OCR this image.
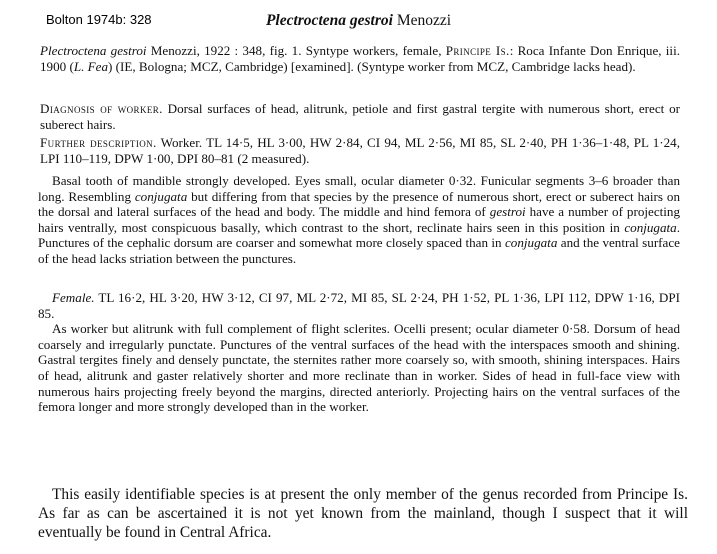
Bolton 1974b: 328	Plectroctena gestroi Menozzi

Plectroctena gestroi Menozzi, 1922 : 348, fig. 1. Syntype workers, female, Principe Is.: Roca Infante Don Enrique, iii. 1900 (L. Fea) (IE, Bologna; MCZ, Cambridge) [examined]. (Syntype worker from MCZ, Cambridge lacks head).

Diagnosis of worker. Dorsal surfaces of head, alitrunk, petiole and first gastral tergite with numerous short, erect or suberect hairs.

Further description. Worker. TL 14·5, HL 3·00, HW 2·84, CI 94, ML 2·56, MI 85, SL 2·40, PH 1·36–1·48, PL 1·24, LPI 110–119, DPW 1·00, DPI 80–81 (2 measured).

Basal tooth of mandible strongly developed. Eyes small, ocular diameter 0·32. Funicular segments 3–6 broader than long. Resembling conjugata but differing from that species by the presence of numerous short, erect or suberect hairs on the dorsal and lateral surfaces of the head and body. The middle and hind femora of gestroi have a number of projecting hairs ventrally, most conspicuous basally, which contrast to the short, reclinate hairs seen in this position in conjugata. Punctures of the cephalic dorsum are coarser and somewhat more closely spaced than in conjugata and the ventral surface of the head lacks striation between the punctures.

Female. TL 16·2, HL 3·20, HW 3·12, CI 97, ML 2·72, MI 85, SL 2·24, PH 1·52, PL 1·36, LPI 112, DPW 1·16, DPI 85.
As worker but alitrunk with full complement of flight sclerites. Ocelli present; ocular diameter 0·58. Dorsum of head coarsely and irregularly punctate. Punctures of the ventral surfaces of the head with the interspaces smooth and shining. Gastral tergites finely and densely punctate, the sternites rather more coarsely so, with smooth, shining interspaces. Hairs of head, alitrunk and gaster relatively shorter and more reclinate than in worker. Sides of head in full-face view with numerous hairs projecting freely beyond the margins, directed anteriorly. Projecting hairs on the ventral surfaces of the femora longer and more strongly developed than in the worker.

This easily identifiable species is at present the only member of the genus recorded from Principe Is. As far as can be ascertained it is not yet known from the mainland, though I suspect that it will eventually be found in Central Africa.
